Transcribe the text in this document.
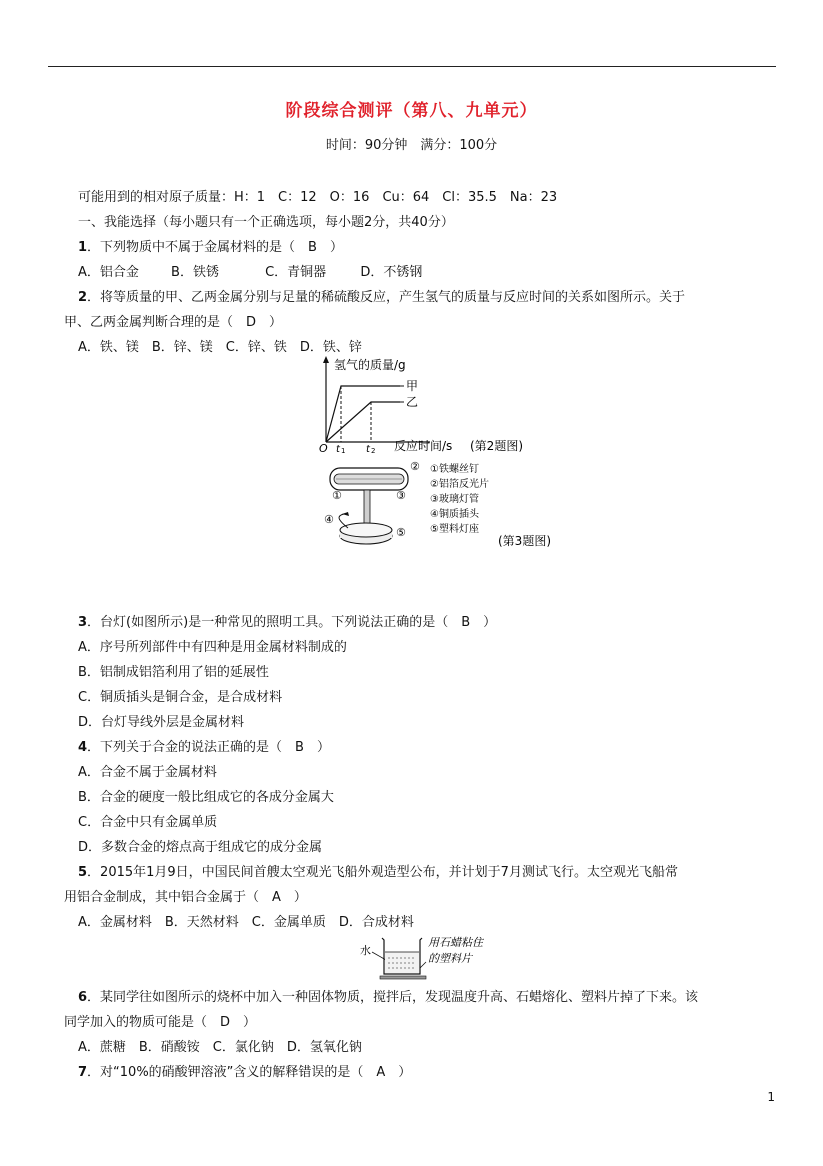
阶段综合测评（第八、九单元）
时间：90分钟　满分：100分
可能用到的相对原子质量：H：1　C：12　O：16　Cu：64　Cl：35.5　Na：23
一、我能选择（每小题只有一个正确选项，每小题2分，共40分）
1．下列物质中不属于金属材料的是（　B　）
A．铝合金 B．铁锈	C．青铜器	D．不锈钢
2．将等质量的甲、乙两金属分别与足量的稀硫酸反应，产生氢气的质量与反应时间的关系如图所示。关于
甲、乙两金属判断合理的是（　D　）
A．铁、镁　B．锌、镁　C．锌、铁　D．铁、锌
氢气的质量/g
甲
乙
O t 1 t 2 反应时间/s (第2题图)
①
②
③
④
⑤
①铁螺丝钉
②铝箔反光片
③玻璃灯管
④铜质插头
⑤塑料灯座
(第3题图)
3．台灯(如图所示)是一种常见的照明工具。下列说法正确的是（　B　）
A．序号所列部件中有四种是用金属材料制成的
B．铝制成铝箔利用了铝的延展性
C．铜质插头是铜合金，是合成材料
D．台灯导线外层是金属材料
4．下列关于合金的说法正确的是（　B　）
A．合金不属于金属材料
B．合金的硬度一般比组成它的各成分金属大
C．合金中只有金属单质
D．多数合金的熔点高于组成它的成分金属
5．2015年1月9日，中国民间首艘太空观光飞船外观造型公布，并计划于7月测试飞行。太空观光飞船常
用铝合金制成，其中铝合金属于（　A　）
A．金属材料　B．天然材料　C．金属单质　D．合成材料
水
用石蜡粘住
的塑料片
6．某同学往如图所示的烧杯中加入一种固体物质，搅拌后，发现温度升高、石蜡熔化、塑料片掉了下来。该
同学加入的物质可能是（　D　）
A．蔗糖　B．硝酸铵　C．氯化钠　D．氢氧化钠
7．对“10%的硝酸钾溶液”含义的解释错误的是（　A　）
1
